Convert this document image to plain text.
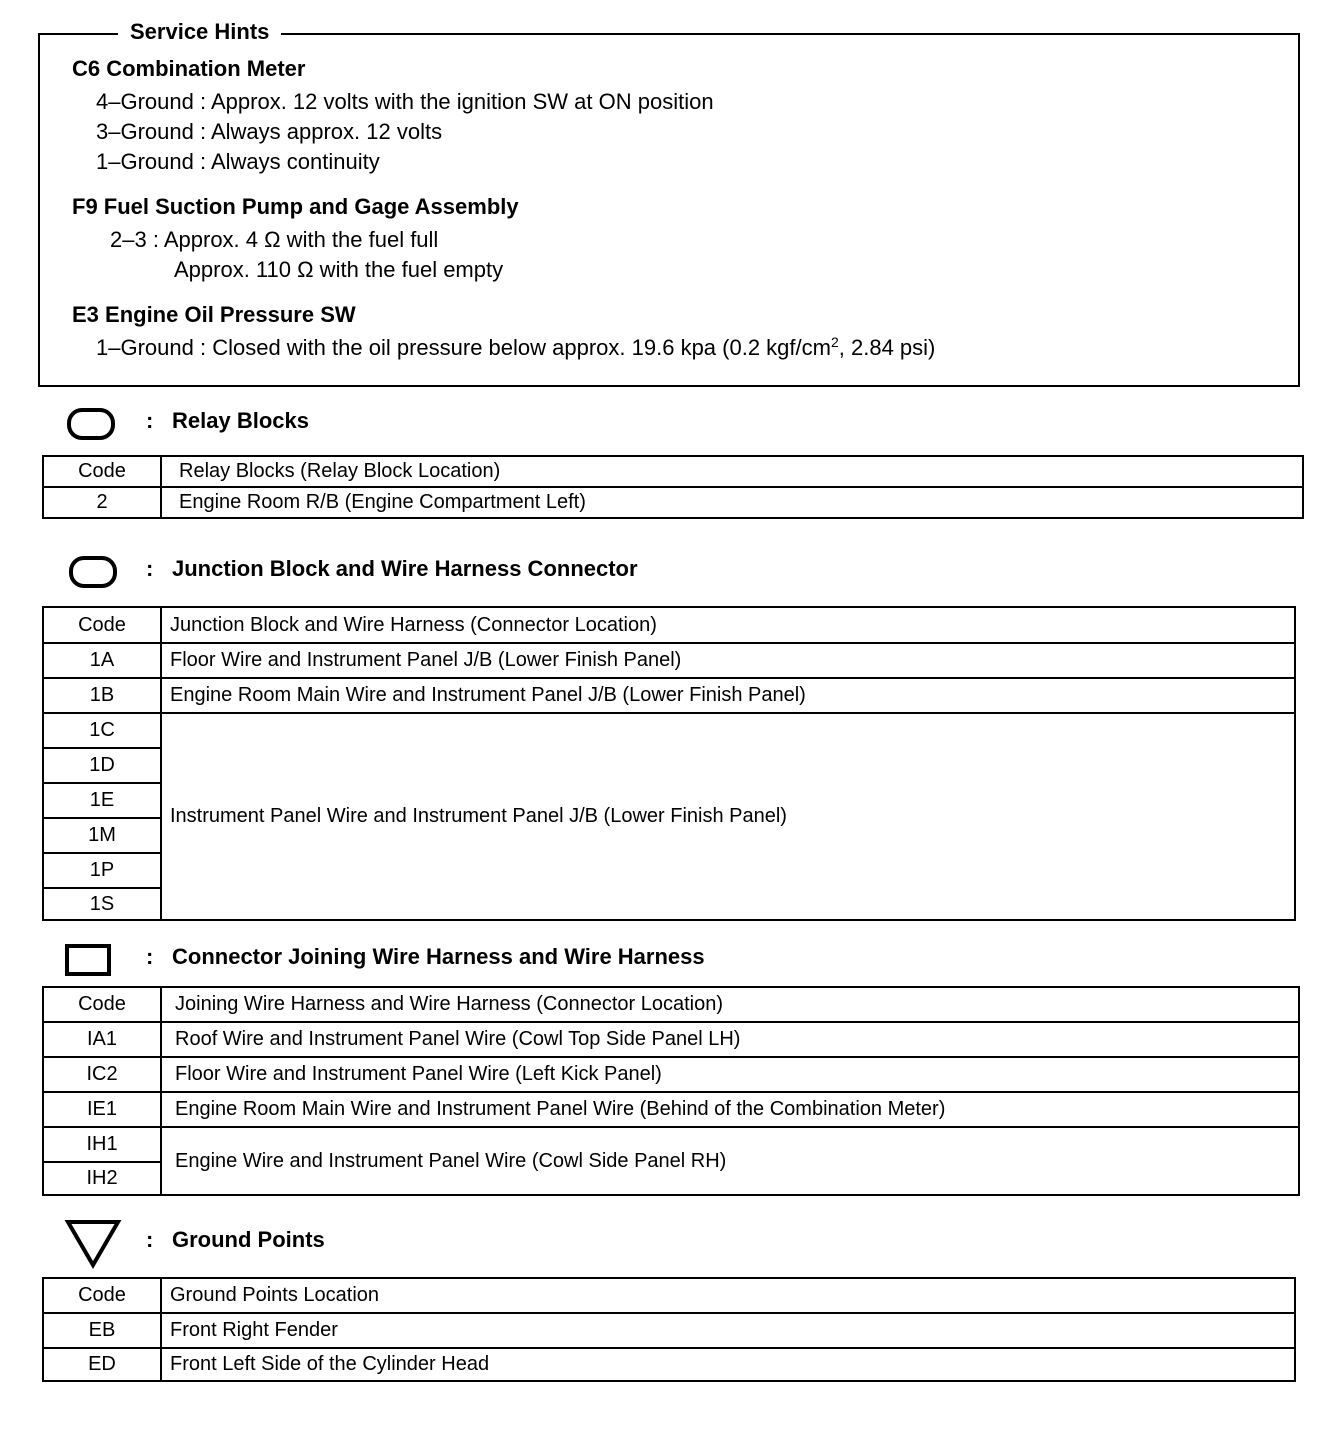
Service Hints
C6 Combination Meter
4–Ground : Approx. 12 volts with the ignition SW at ON position
3–Ground : Always approx. 12 volts
1–Ground : Always continuity
F9 Fuel Suction Pump and Gage Assembly
2–3 : Approx. 4 Ω with the fuel full
Approx. 110 Ω with the fuel empty
E3 Engine Oil Pressure SW
1–Ground : Closed with the oil pressure below approx. 19.6 kpa (0.2 kgf/$cm^2$, 2.84 psi)
: Relay Blocks
Code	Relay Blocks (Relay Block Location)
2	Engine Room R/B (Engine Compartment Left)
: Junction Block and Wire Harness Connector
Code	Junction Block and Wire Harness (Connector Location)
1A	Floor Wire and Instrument Panel J/B (Lower Finish Panel)
1B	Engine Room Main Wire and Instrument Panel J/B (Lower Finish Panel)
1C	Instrument Panel Wire and Instrument Panel J/B (Lower Finish Panel)
1D	
1E	
1M	
1P	
1S	
: Connector Joining Wire Harness and Wire Harness
Code	Joining Wire Harness and Wire Harness (Connector Location)
IA1	Roof Wire and Instrument Panel Wire (Cowl Top Side Panel LH)
IC2	Floor Wire and Instrument Panel Wire (Left Kick Panel)
IE1	Engine Room Main Wire and Instrument Panel Wire (Behind of the Combination Meter)
IH1	Engine Wire and Instrument Panel Wire (Cowl Side Panel RH)
IH2	
: Ground Points
Code	Ground Points Location
EB	Front Right Fender
ED	Front Left Side of the Cylinder Head
